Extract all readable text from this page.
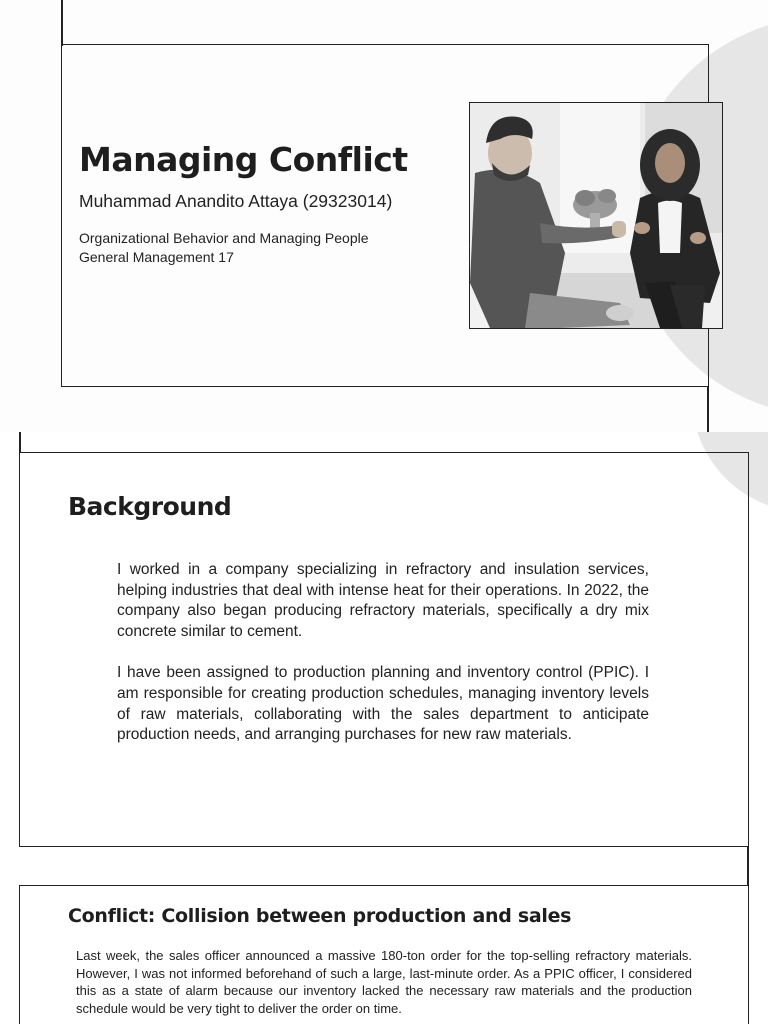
Managing Conflict
Muhammad Anandito Attaya (29323014)
Organizational Behavior and Managing People
General Management 17
Background

I worked in a company specializing in refractory and insulation services, helping industries that deal with intense heat for their operations. In 2022, the company also began producing refractory materials, specifically a dry mix concrete similar to cement.

I have been assigned to production planning and inventory control (PPIC). I am responsible for creating production schedules, managing inventory levels of raw materials, collaborating with the sales department to anticipate production needs, and arranging purchases for new raw materials.

Conflict: Collision between production and sales

Last week, the sales officer announced a massive 180-ton order for the top-selling refractory materials. However, I was not informed beforehand of such a large, last-minute order. As a PPIC officer, I considered this as a state of alarm because our inventory lacked the necessary raw materials and the production schedule would be very tight to deliver the order on time.
